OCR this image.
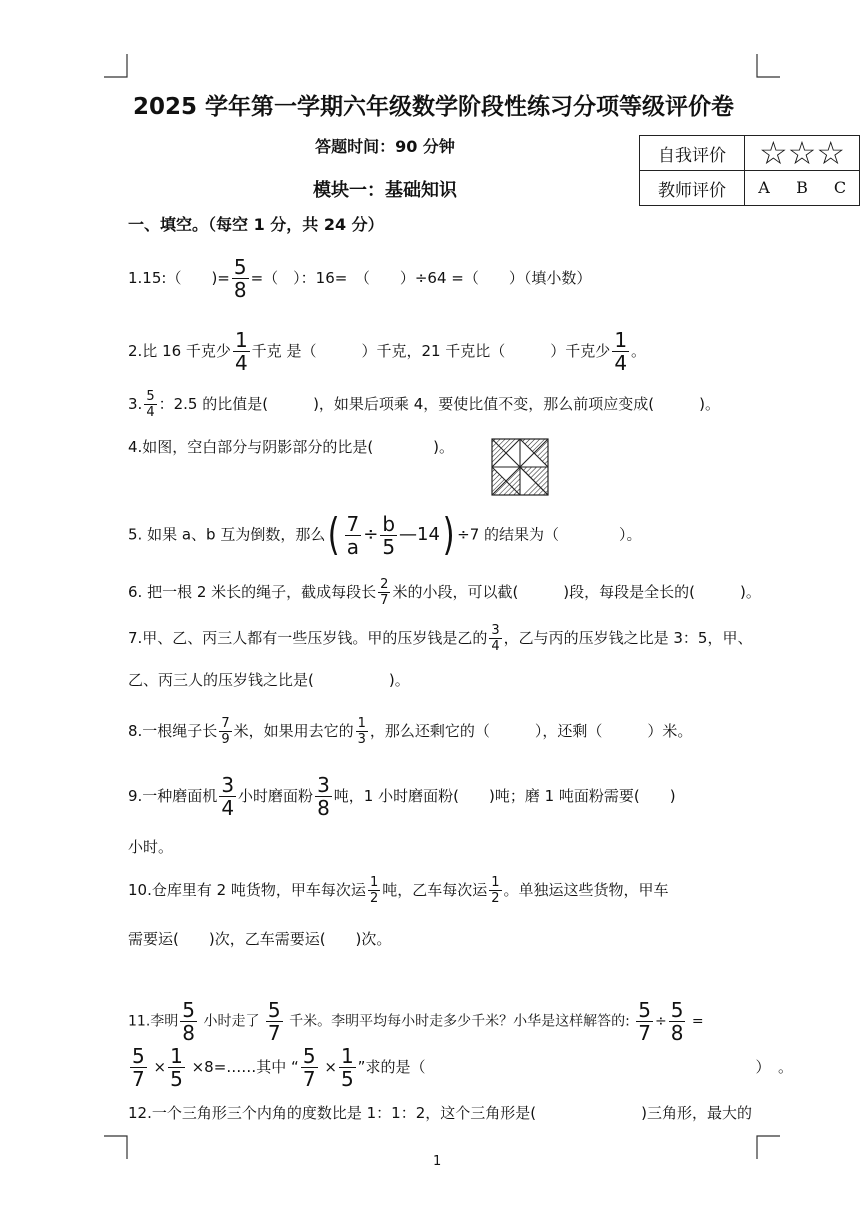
2025 学年第一学期六年级数学阶段性练习分项等级评价卷
答题时间：90 分钟
模块一：基础知识
自我评价	☆☆☆
教师评价	A B C
一、填空。（每空 1 分，共 24 分）
1.15:（　　)= $\frac{5}{8}$ =（　）：16=　（　　）÷64 =（　　）（填小数）
2.比 16 千克少 $\frac{1}{4}$ 千克 是（　　　）千克，21 千克比（　　　）千克少 $\frac{1}{4}$ 。
3. $\frac{5}{4}$ ：2.5 的比值是(　　　)，如果后项乘 4，要使比值不变，那么前项应变成(　　　)。
4.如图，空白部分与阴影部分的比是(　　　　)。
5. 如果 a、b 互为倒数，那么( $\frac{7}{a} \div \frac{b}{5}$ —14) ÷7 的结果为（　　　　）。
6. 把一根 2 米长的绳子，截成每段长 $\frac{2}{7}$ 米的小段，可以截(　　　)段，每段是全长的(　　　)。
7.甲、乙、丙三人都有一些压岁钱。甲的压岁钱是乙的 $\frac{3}{4}$ ，乙与丙的压岁钱之比是 3：5，甲、
乙、丙三人的压岁钱之比是(　　　　　)。
8.一根绳子长 $\frac{7}{9}$ 米，如果用去它的 $\frac{1}{3}$ ，那么还剩它的（　　　），还剩（　　　）米。
9.一种磨面机 $\frac{3}{4}$ 小时磨面粉 $\frac{3}{8}$ 吨，1 小时磨面粉(　　)吨；磨 1 吨面粉需要(　　)
小时。
10.仓库里有 2 吨货物，甲车每次运 $\frac{1}{2}$ 吨，乙车每次运 $\frac{1}{2}$ 。单独运这些货物，甲车
需要运(　　)次，乙车需要运(　　)次。
11.李明 $\frac{5}{8}$ 小时走了 $\frac{5}{7}$ 千米。李明平均每小时走多少千米？小华是这样解答的: $\frac{5}{7} \div \frac{5}{8}$ =
$\frac{5}{7} \times \frac{1}{5}$ ×8=……其中 “ $\frac{5}{7} \times \frac{1}{5}$ ”求的是（　　　　　　　　　　　　　　　　　　　　　　）　。
12.一个三角形三个内角的度数比是 1：1：2，这个三角形是(　　　　　　　)三角形，最大的
1
